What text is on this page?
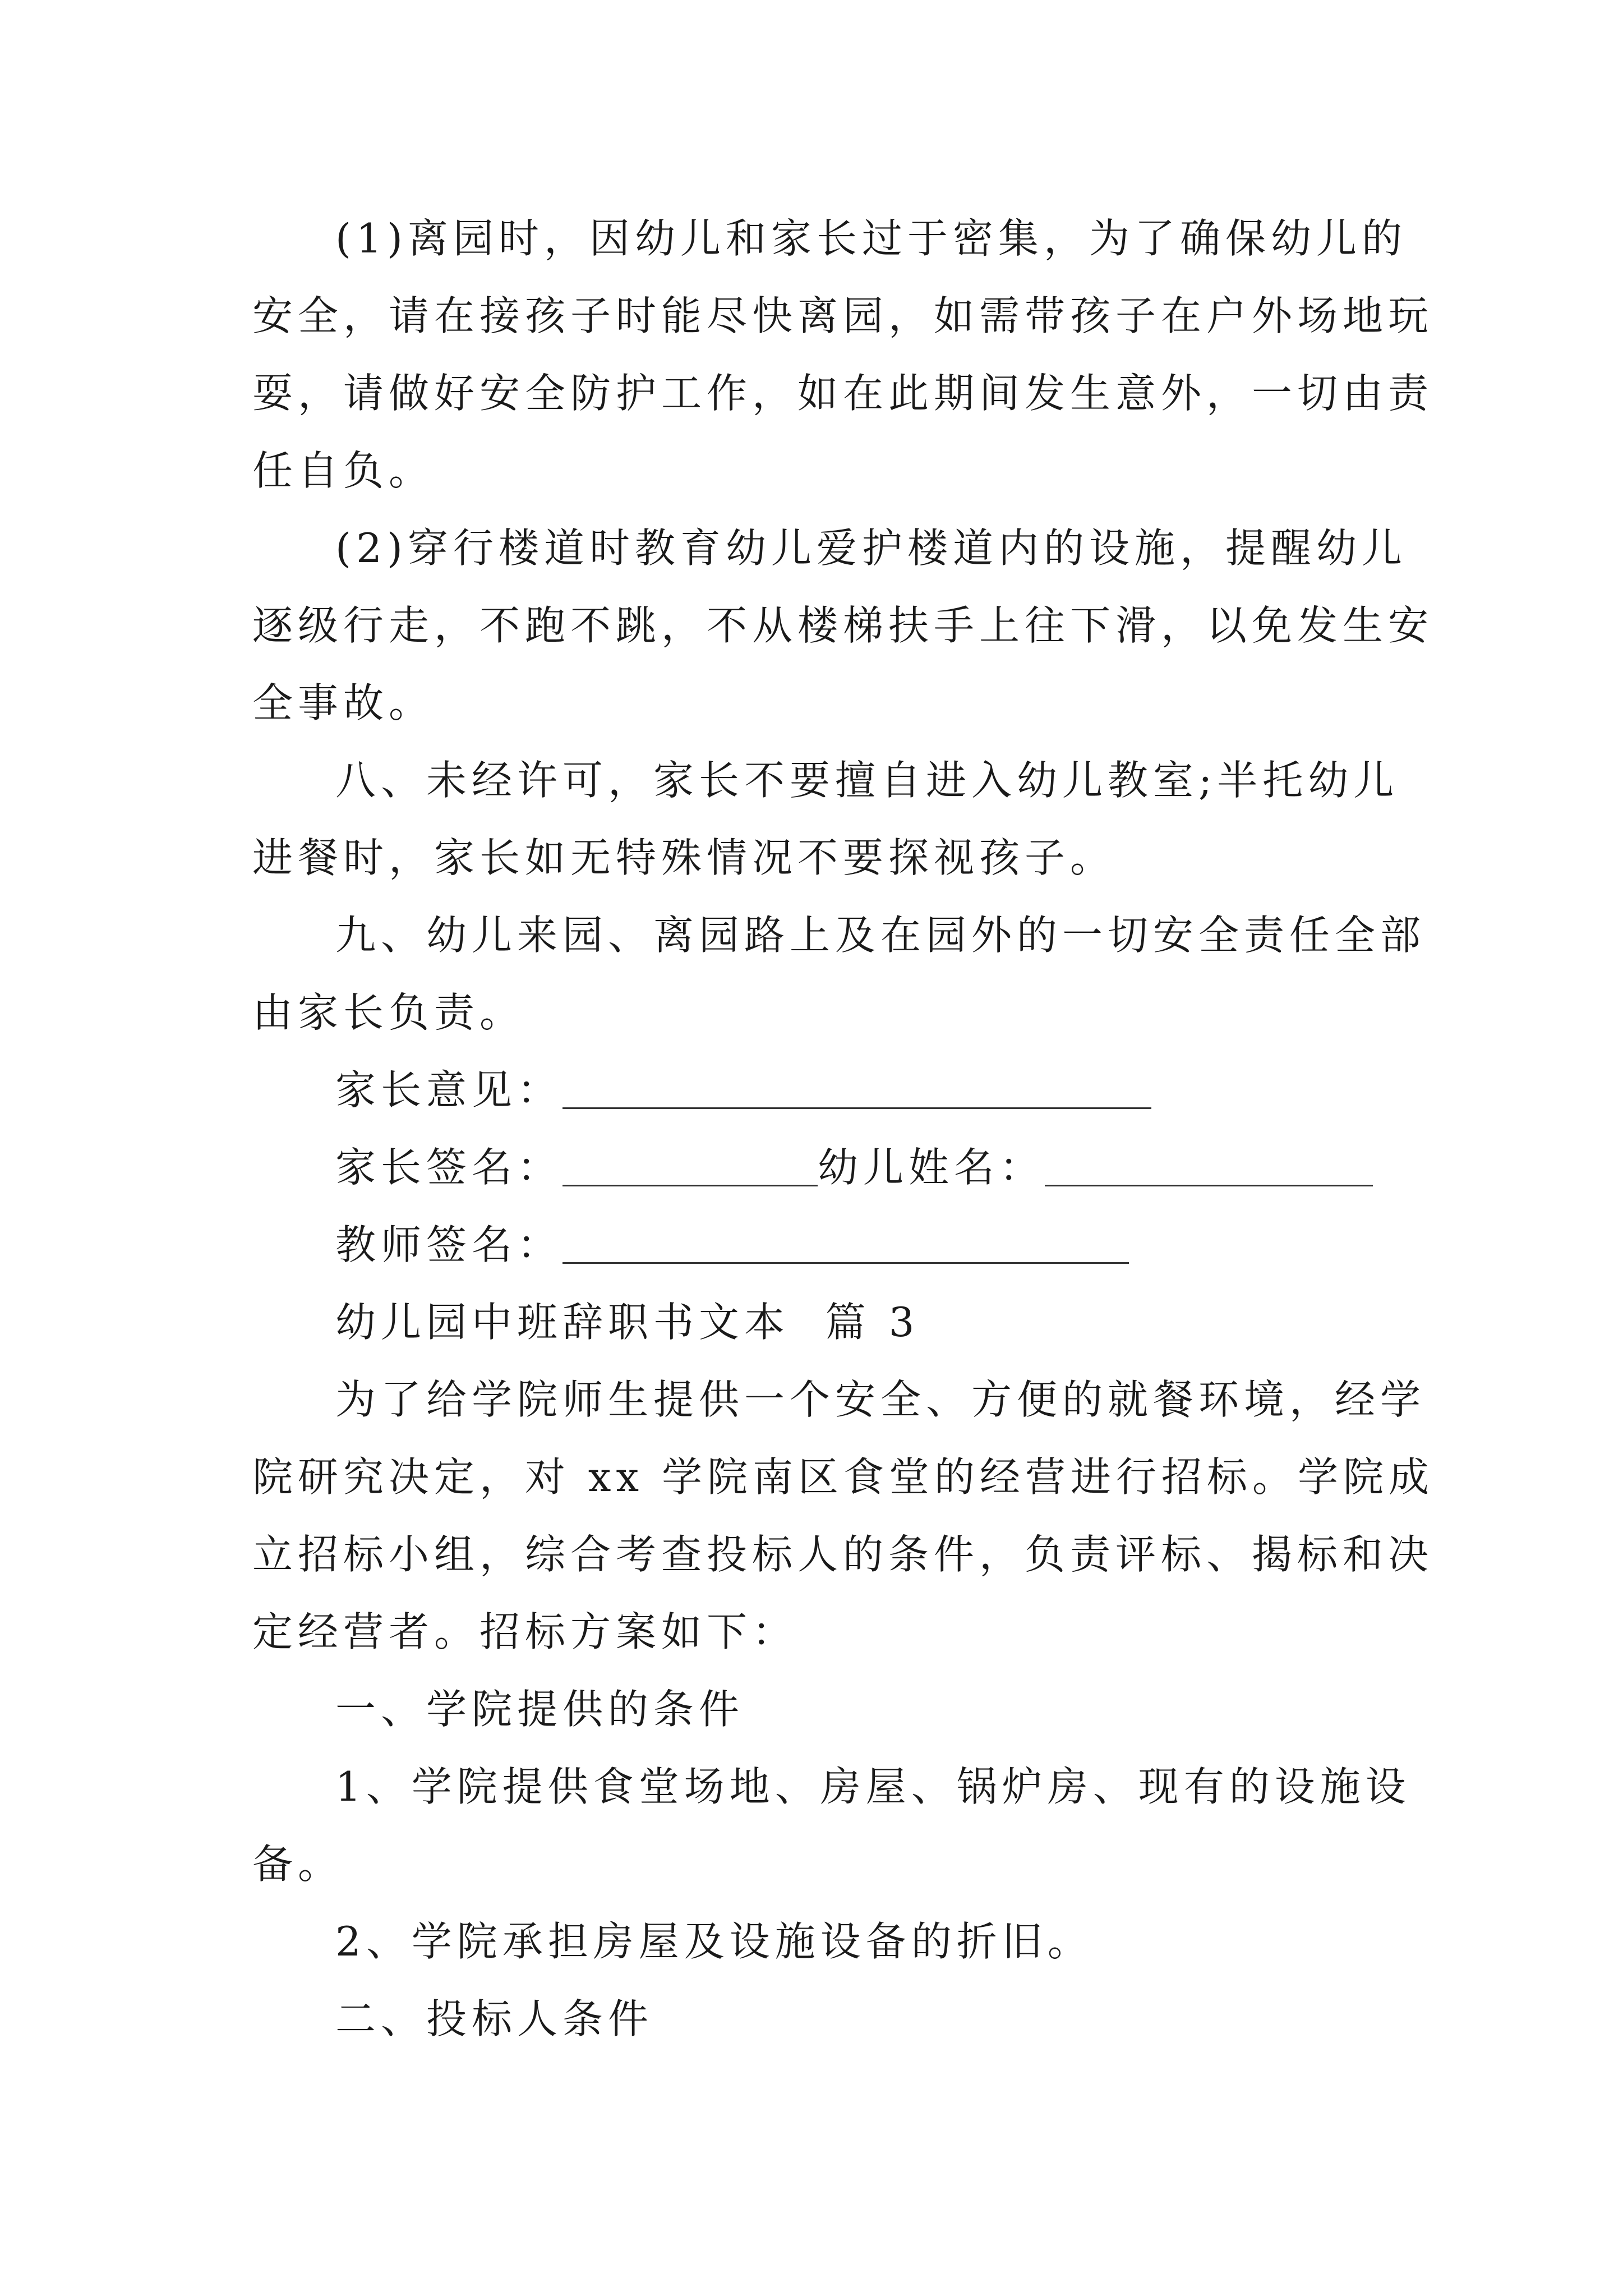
(1)离园时，因幼儿和家长过于密集，为了确保幼儿的
安全，请在接孩子时能尽快离园，如需带孩子在户外场地玩
耍，请做好安全防护工作，如在此期间发生意外，一切由责
任自负。
(2)穿行楼道时教育幼儿爱护楼道内的设施，提醒幼儿
逐级行走，不跑不跳，不从楼梯扶手上往下滑，以免发生安
全事故。
八、未经许可，家长不要擅自进入幼儿教室;半托幼儿
进餐时，家长如无特殊情况不要探视孩子。
九、幼儿来园、离园路上及在园外的一切安全责任全部
由家长负责。
家长意见：
家长签名：	幼儿姓名：
教师签名：
幼儿园中班辞职书文本  篇 3
为了给学院师生提供一个安全、方便的就餐环境，经学
院研究决定，对 xx 学院南区食堂的经营进行招标。学院成
立招标小组，综合考查投标人的条件，负责评标、揭标和决
定经营者。招标方案如下：
一、学院提供的条件
1、学院提供食堂场地、房屋、锅炉房、现有的设施设
备。
2、学院承担房屋及设施设备的折旧。
二、投标人条件
